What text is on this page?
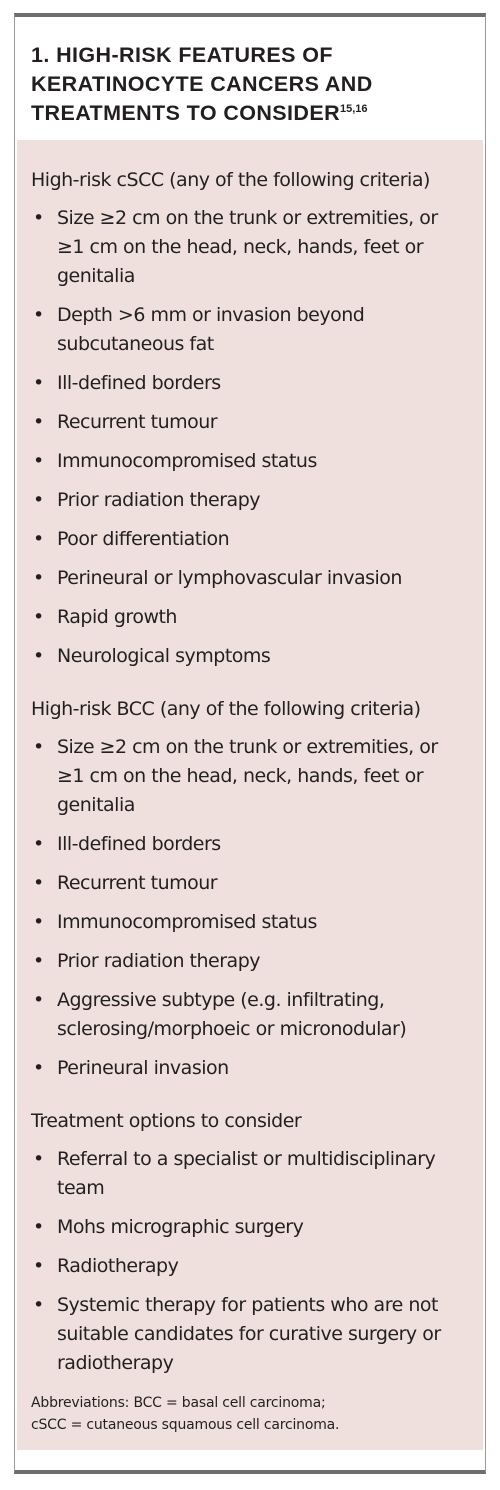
1. HIGH-RISK FEATURES OF KERATINOCYTE CANCERS AND TREATMENTS TO CONSIDER$^{15,16}$
High-risk cSCC (any of the following criteria)
• Size ≥2 cm on the trunk or extremities, or ≥1 cm on the head, neck, hands, feet or genitalia
• Depth >6 mm or invasion beyond subcutaneous fat
• Ill-defined borders
• Recurrent tumour
• Immunocompromised status
• Prior radiation therapy
• Poor differentiation
• Perineural or lymphovascular invasion
• Rapid growth
• Neurological symptoms
High-risk BCC (any of the following criteria)
• Size ≥2 cm on the trunk or extremities, or ≥1 cm on the head, neck, hands, feet or genitalia
• Ill-defined borders
• Recurrent tumour
• Immunocompromised status
• Prior radiation therapy
• Aggressive subtype (e.g. infiltrating, sclerosing/morphoeic or micronodular)
• Perineural invasion
Treatment options to consider
• Referral to a specialist or multidisciplinary team
• Mohs micrographic surgery
• Radiotherapy
• Systemic therapy for patients who are not suitable candidates for curative surgery or radiotherapy
Abbreviations: BCC = basal cell carcinoma;
cSCC = cutaneous squamous cell carcinoma.
